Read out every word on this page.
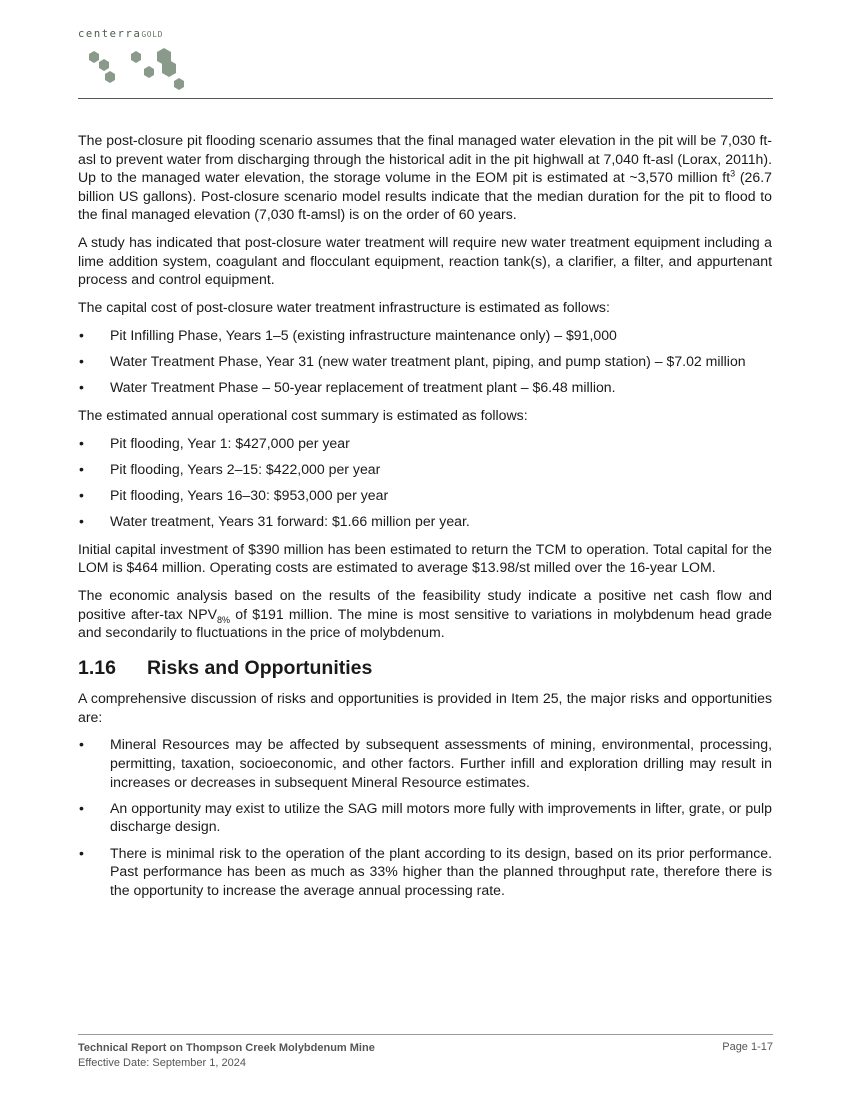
centerraGOLD

The post-closure pit flooding scenario assumes that the final managed water elevation in the pit will be 7,030 ft-asl to prevent water from discharging through the historical adit in the pit highwall at 7,040 ft-asl (Lorax, 2011h). Up to the managed water elevation, the storage volume in the EOM pit is estimated at ~3,570 million $ft^3$ (26.7 billion US gallons). Post-closure scenario model results indicate that the median duration for the pit to flood to the final managed elevation (7,030 ft-amsl) is on the order of 60 years.

A study has indicated that post-closure water treatment will require new water treatment equipment including a lime addition system, coagulant and flocculant equipment, reaction tank(s), a clarifier, a filter, and appurtenant process and control equipment.

The capital cost of post-closure water treatment infrastructure is estimated as follows:

• Pit Infilling Phase, Years 1–5 (existing infrastructure maintenance only) – $91,000
• Water Treatment Phase, Year 31 (new water treatment plant, piping, and pump station) – $7.02 million
• Water Treatment Phase – 50-year replacement of treatment plant – $6.48 million.

The estimated annual operational cost summary is estimated as follows:

• Pit flooding, Year 1: $427,000 per year
• Pit flooding, Years 2–15: $422,000 per year
• Pit flooding, Years 16–30: $953,000 per year
• Water treatment, Years 31 forward: $1.66 million per year.

Initial capital investment of $390 million has been estimated to return the TCM to operation. Total capital for the LOM is $464 million. Operating costs are estimated to average $13.98/st milled over the 16-year LOM.

The economic analysis based on the results of the feasibility study indicate a positive net cash flow and positive after-tax $NPV_{8\%}$ of $191 million. The mine is most sensitive to variations in molybdenum head grade and secondarily to fluctuations in the price of molybdenum.

1.16 Risks and Opportunities

A comprehensive discussion of risks and opportunities is provided in Item 25, the major risks and opportunities are:

• Mineral Resources may be affected by subsequent assessments of mining, environmental, processing, permitting, taxation, socioeconomic, and other factors. Further infill and exploration drilling may result in increases or decreases in subsequent Mineral Resource estimates.
• An opportunity may exist to utilize the SAG mill motors more fully with improvements in lifter, grate, or pulp discharge design.
• There is minimal risk to the operation of the plant according to its design, based on its prior performance. Past performance has been as much as 33% higher than the planned throughput rate, therefore there is the opportunity to increase the average annual processing rate.
Technical Report on Thompson Creek Molybdenum Mine
Effective Date: September 1, 2024
Page 1-17
